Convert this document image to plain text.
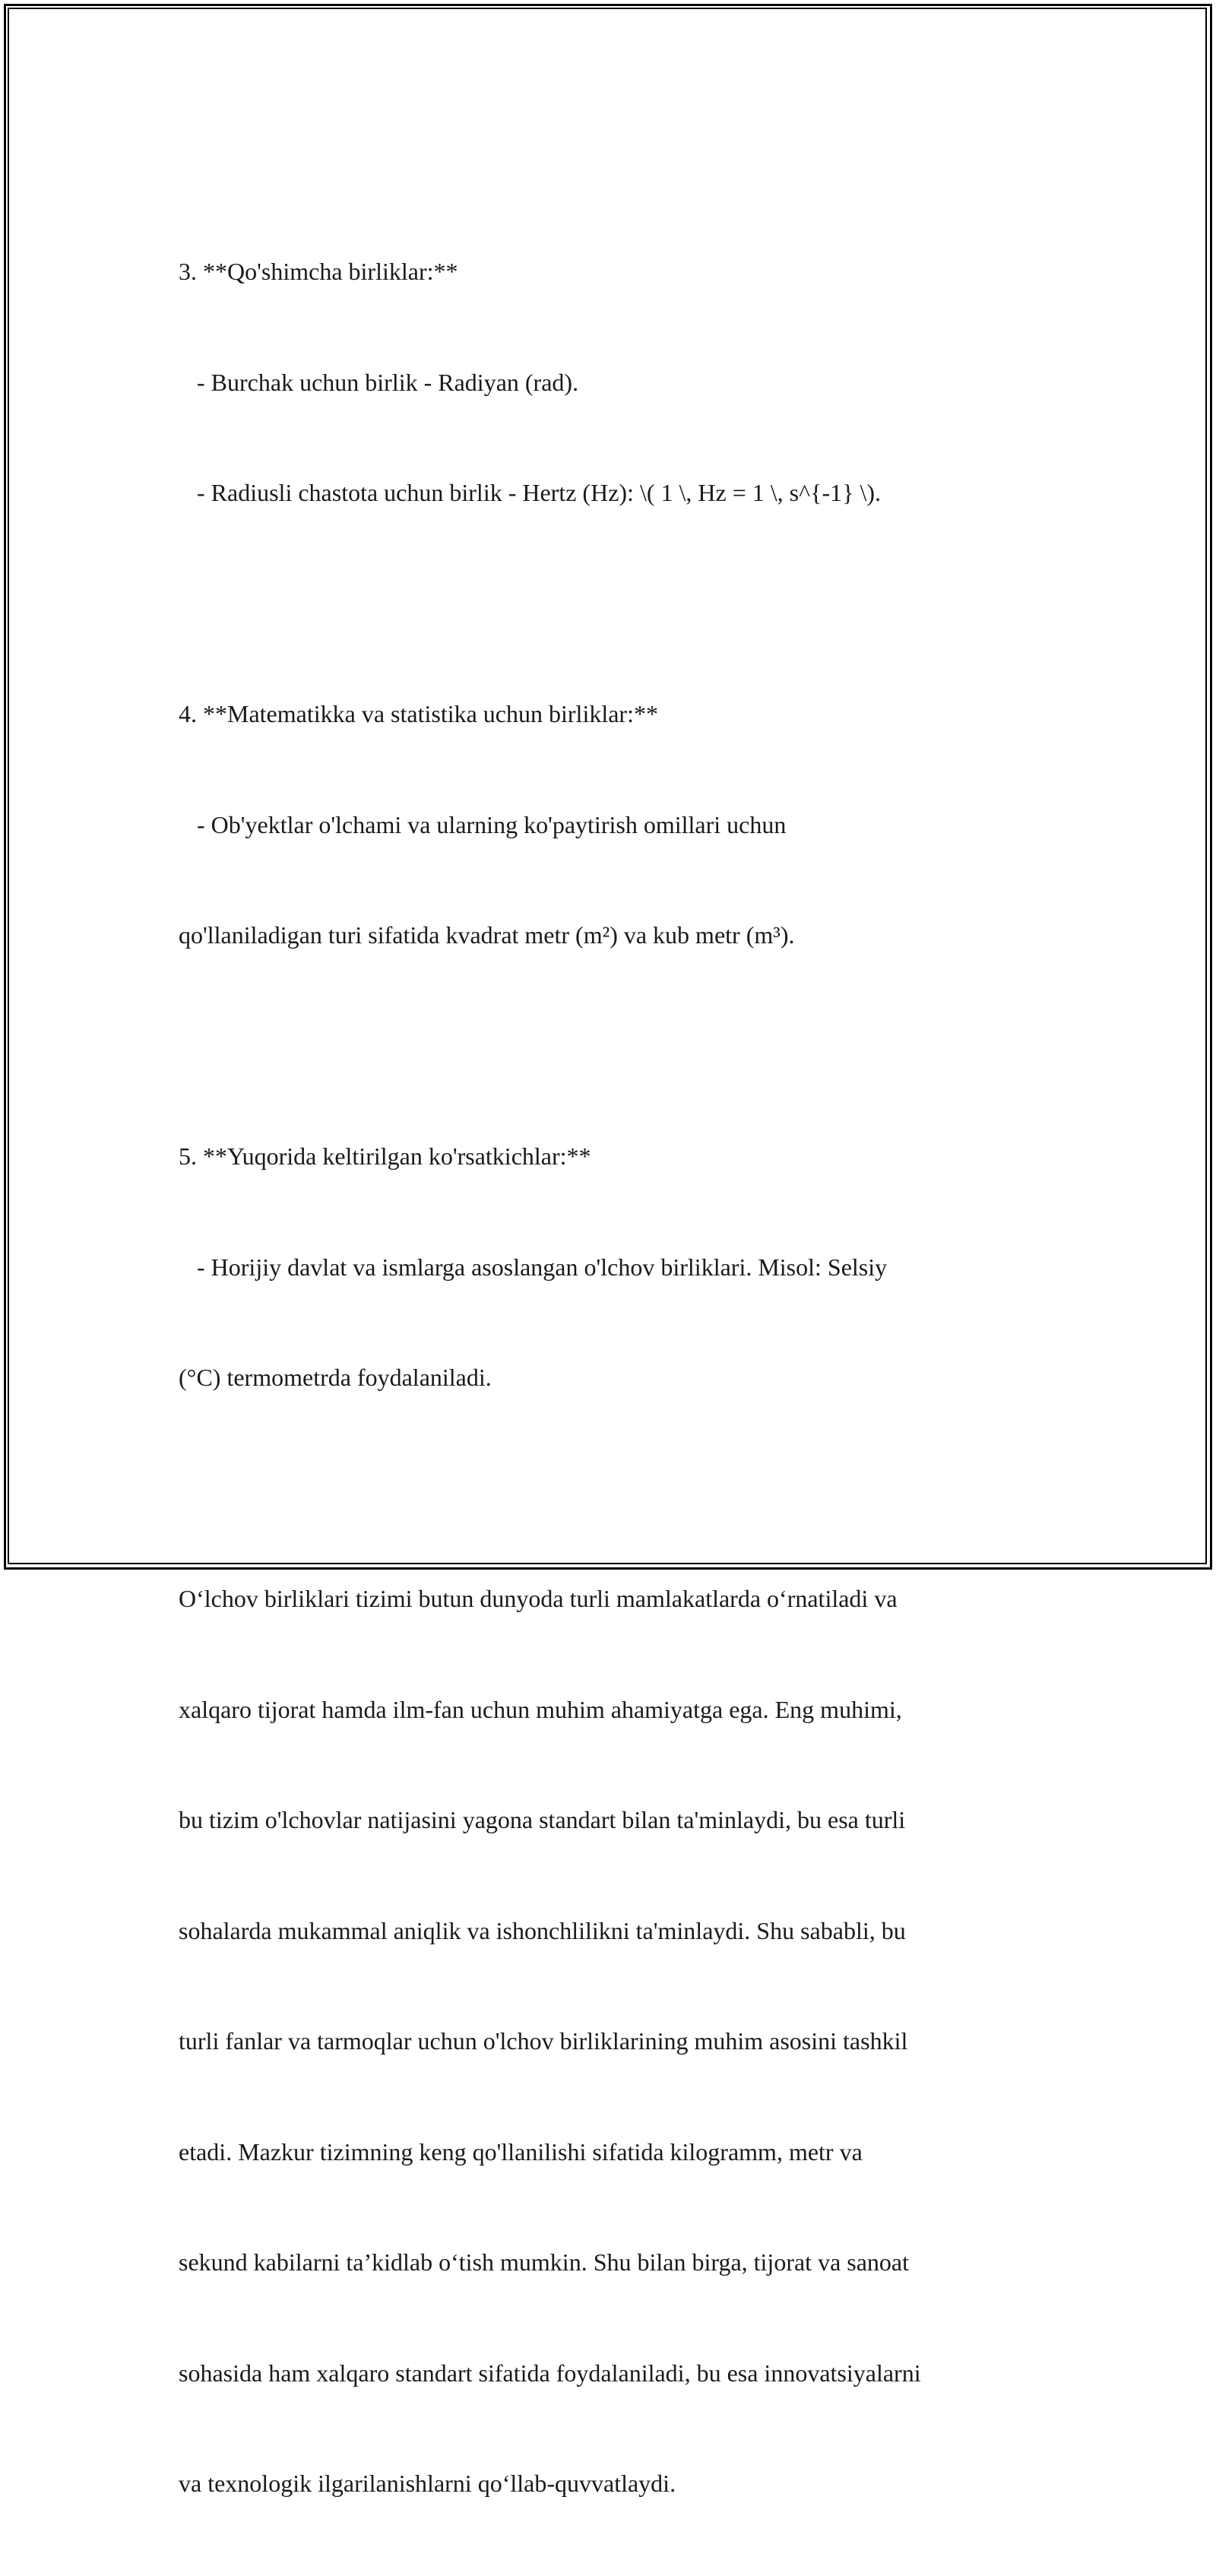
3. **Qo'shimcha birliklar:**

- Burchak uchun birlik - Radiyan (rad).

- Radiusli chastota uchun birlik - Hertz (Hz): \( 1 \, Hz = 1 \, s^{-1} \).

4. **Matematikka va statistika uchun birliklar:**

- Ob'yektlar o'lchami va ularning ko'paytirish omillari uchun

qo'llaniladigan turi sifatida kvadrat metr (m²) va kub metr (m³).

5. **Yuqorida keltirilgan ko'rsatkichlar:**

- Horijiy davlat va ismlarga asoslangan o'lchov birliklari. Misol: Selsiy

(°C) termometrda foydalaniladi.

O‘lchov birliklari tizimi butun dunyoda turli mamlakatlarda o‘rnatiladi va

xalqaro tijorat hamda ilm-fan uchun muhim ahamiyatga ega. Eng muhimi,

bu tizim o'lchovlar natijasini yagona standart bilan ta'minlaydi, bu esa turli

sohalarda mukammal aniqlik va ishonchlilikni ta'minlaydi. Shu sababli, bu

turli fanlar va tarmoqlar uchun o'lchov birliklarining muhim asosini tashkil

etadi. Mazkur tizimning keng qo'llanilishi sifatida kilogramm, metr va

sekund kabilarni ta’kidlab o‘tish mumkin. Shu bilan birga, tijorat va sanoat

sohasida ham xalqaro standart sifatida foydalaniladi, bu esa innovatsiyalarni

va texnologik ilgarilanishlarni qo‘llab-quvvatlaydi.
